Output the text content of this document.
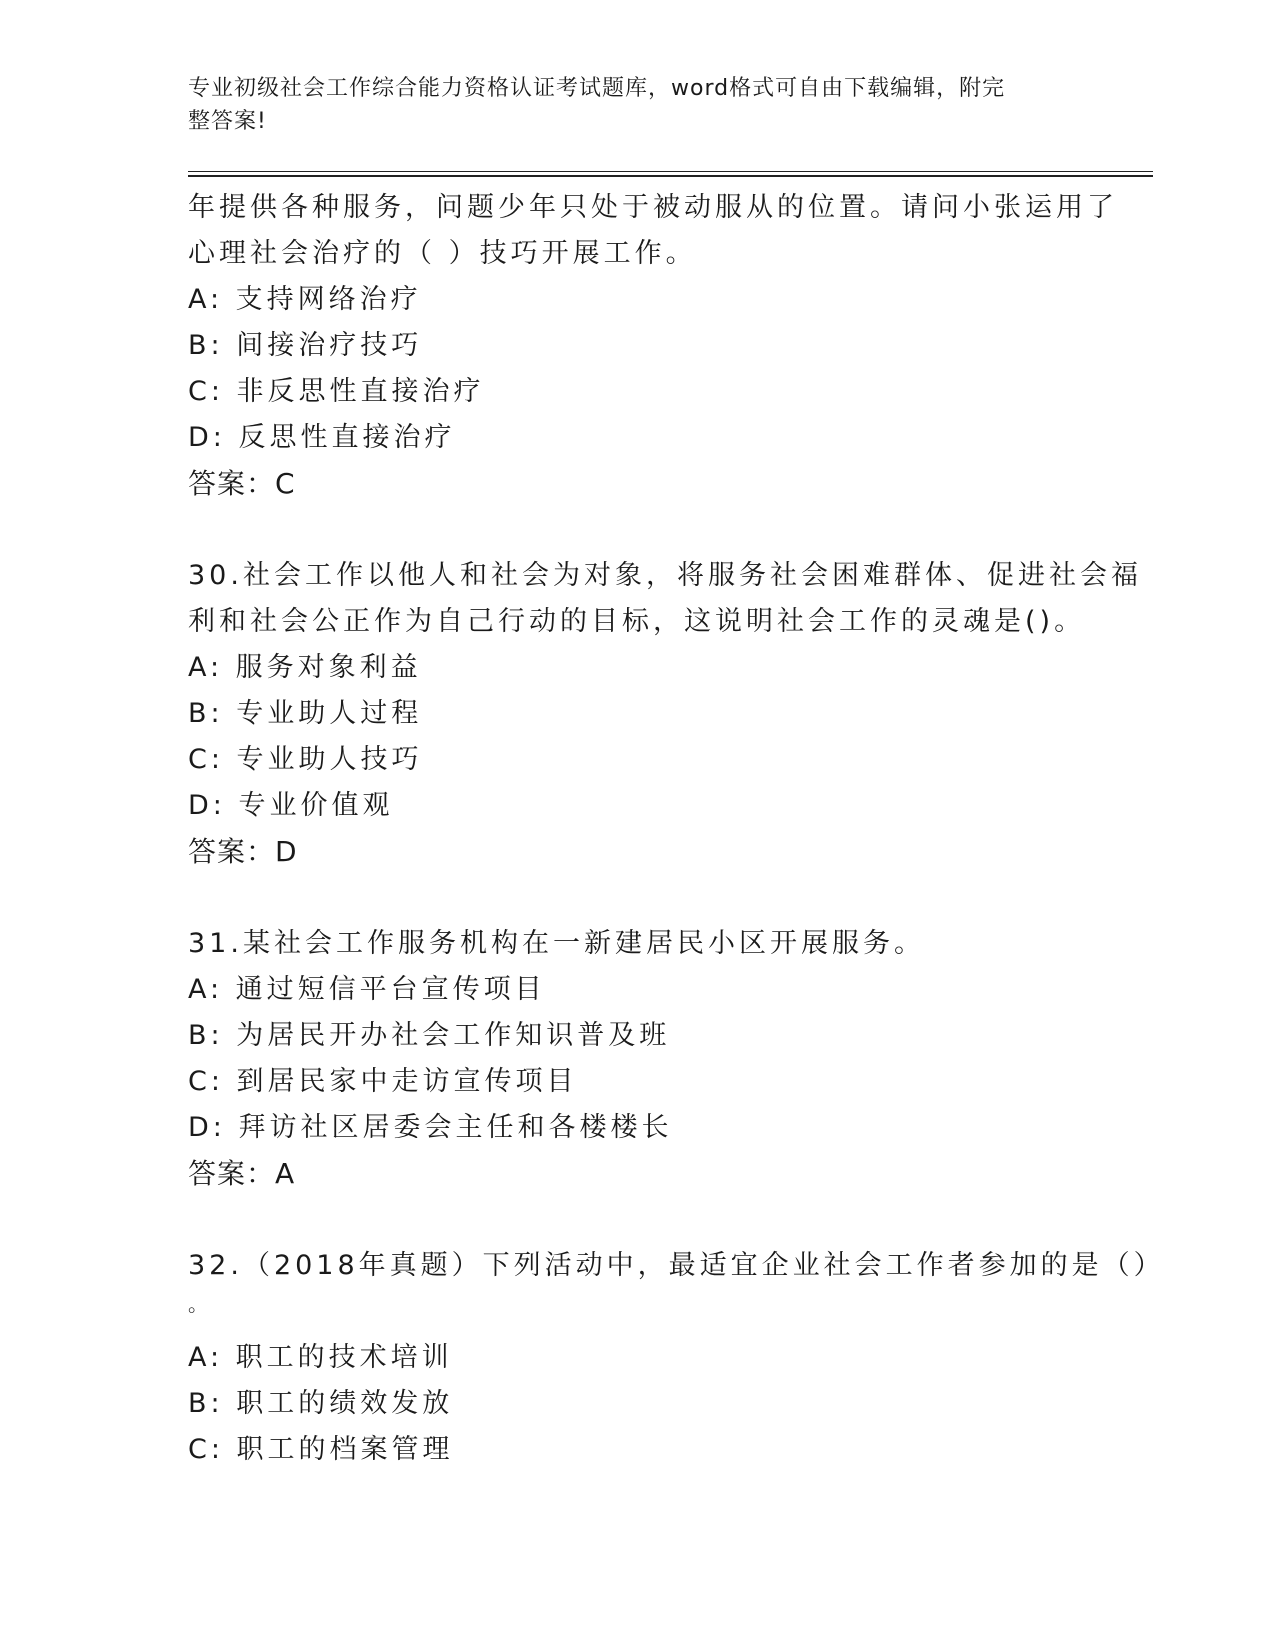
专业初级社会工作综合能力资格认证考试题库，word格式可自由下载编辑，附完
整答案!
年提供各种服务，问题少年只处于被动服从的位置。请问小张运用了
心理社会治疗的（ ）技巧开展工作。
A: 支持网络治疗
B: 间接治疗技巧
C: 非反思性直接治疗
D: 反思性直接治疗
答案：C
30.社会工作以他人和社会为对象，将服务社会困难群体、促进社会福
利和社会公正作为自己行动的目标，这说明社会工作的灵魂是()。
A: 服务对象利益
B: 专业助人过程
C: 专业助人技巧
D: 专业价值观
答案：D
31.某社会工作服务机构在一新建居民小区开展服务。
A: 通过短信平台宣传项目
B: 为居民开办社会工作知识普及班
C: 到居民家中走访宣传项目
D: 拜访社区居委会主任和各楼楼长
答案：A
32.（2018年真题）下列活动中，最适宜企业社会工作者参加的是（）
。
A: 职工的技术培训
B: 职工的绩效发放
C: 职工的档案管理
